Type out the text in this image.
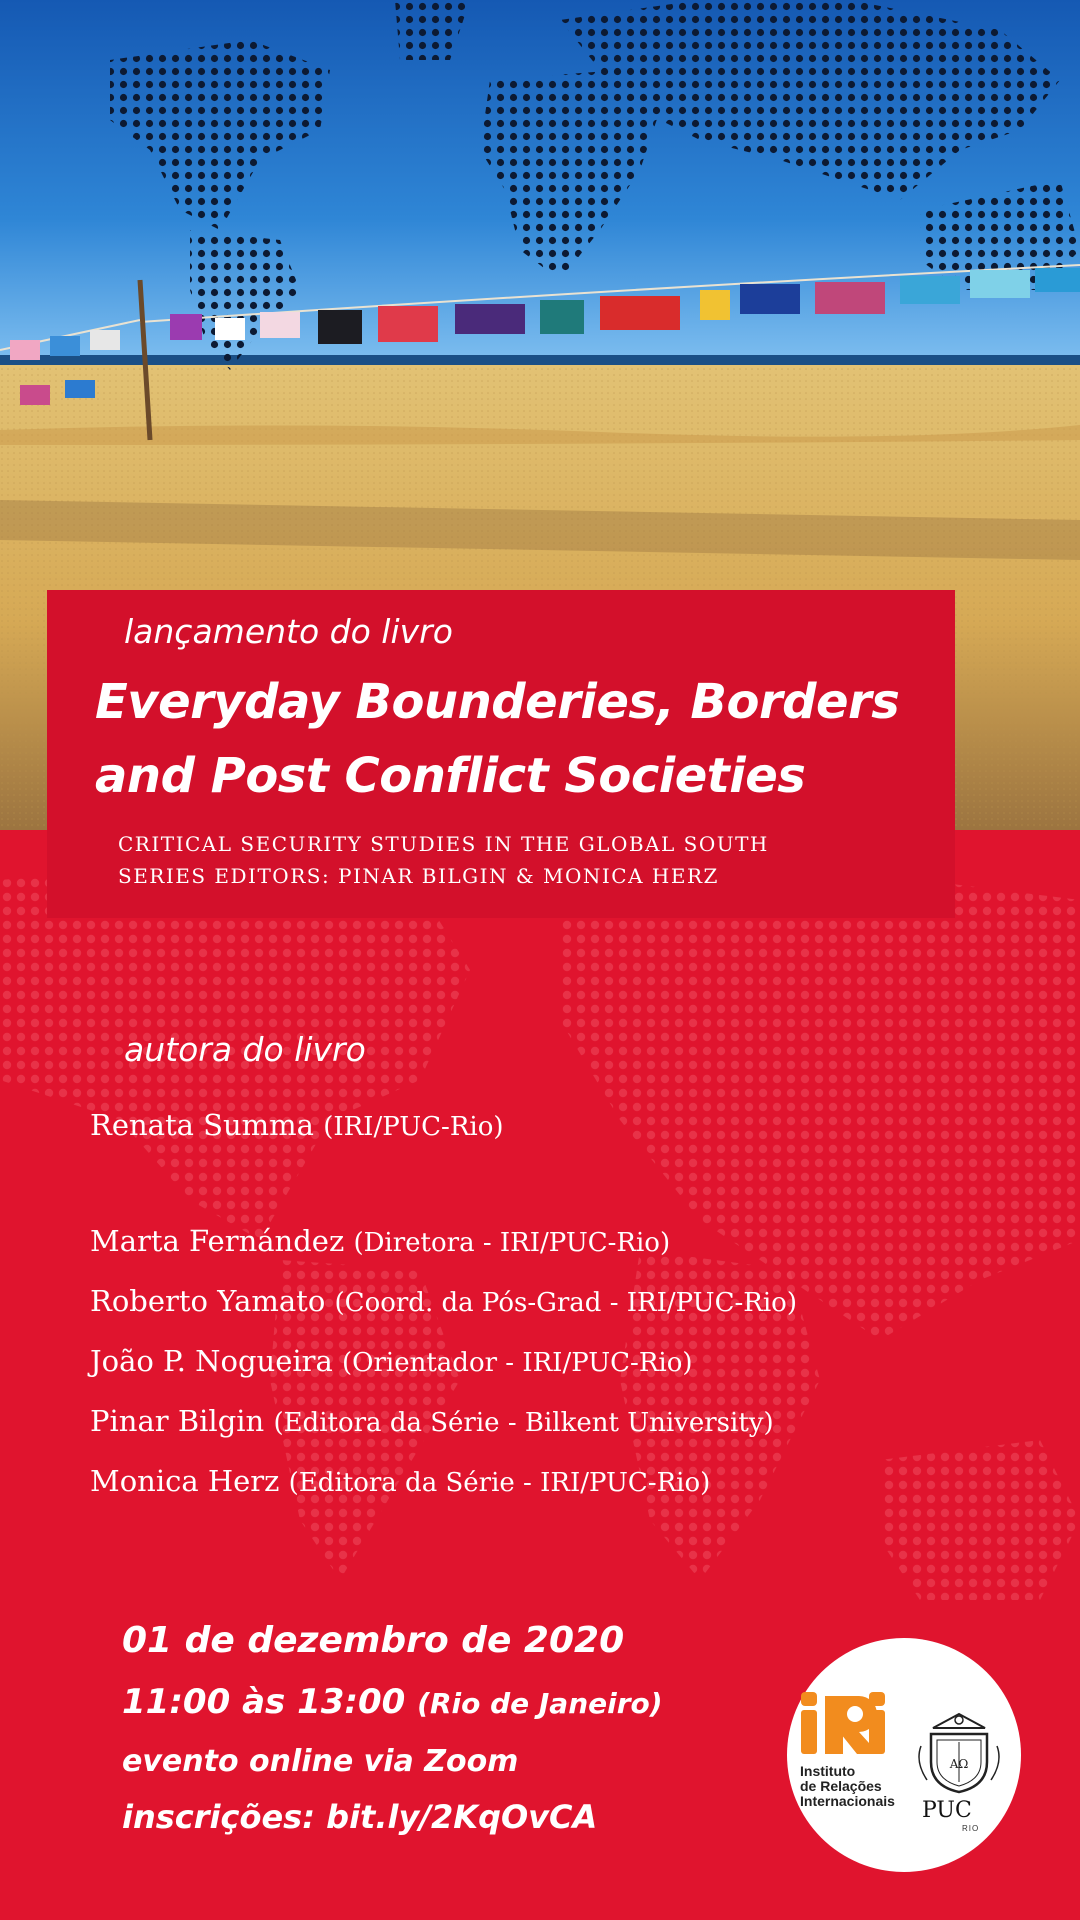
lançamento do livro
Everyday Bounderies, Borders
and Post Conflict Societies
CRITICAL SECURITY STUDIES IN THE GLOBAL SOUTH
SERIES EDITORS: PINAR BILGIN & MONICA HERZ
autora do livro
Renata Summa (IRI/PUC-Rio)
Marta Fernández (Diretora - IRI/PUC-Rio)
Roberto Yamato (Coord. da Pós-Grad - IRI/PUC-Rio)
João P. Nogueira (Orientador - IRI/PUC-Rio)
Pinar Bilgin (Editora da Série - Bilkent University)
Monica Herz (Editora da Série - IRI/PUC-Rio)
01 de dezembro de 2020
11:00 às 13:00 (Rio de Janeiro)
evento online via Zoom
inscrições: bit.ly/2KqOvCA
Instituto
de Relações
Internacionais
ΑΩ
PUC
RIO
